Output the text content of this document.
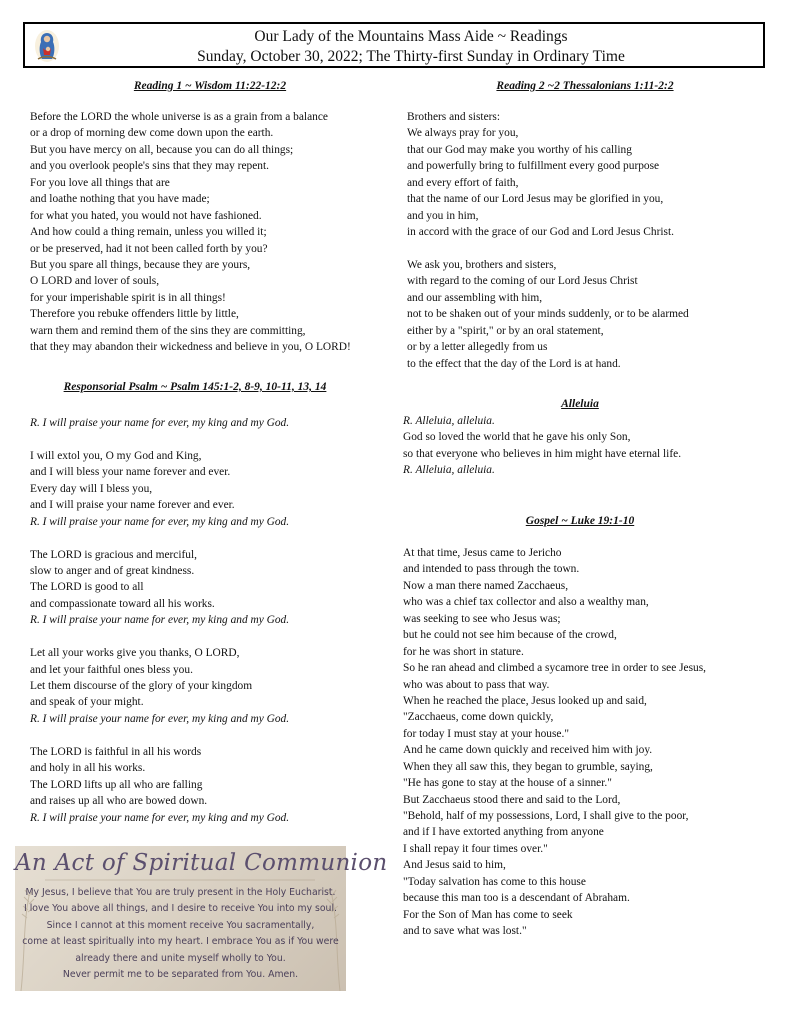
Our Lady of the Mountains Mass Aide ~ Readings
Sunday, October 30, 2022; The Thirty-first Sunday in Ordinary Time
Reading 1 ~ Wisdom 11:22-12:2
Before the LORD the whole universe is as a grain from a balance
or a drop of morning dew come down upon the earth.
But you have mercy on all, because you can do all things;
and you overlook people's sins that they may repent.
For you love all things that are
and loathe nothing that you have made;
for what you hated, you would not have fashioned.
And how could a thing remain, unless you willed it;
or be preserved, had it not been called forth by you?
But you spare all things, because they are yours,
O LORD and lover of souls,
for your imperishable spirit is in all things!
Therefore you rebuke offenders little by little,
warn them and remind them of the sins they are committing,
that they may abandon their wickedness and believe in you, O LORD!
Responsorial Psalm ~ Psalm 145:1-2, 8-9, 10-11, 13, 14
R. I will praise your name for ever, my king and my God.
I will extol you, O my God and King,
and I will bless your name forever and ever.
Every day will I bless you,
and I will praise your name forever and ever.
R. I will praise your name for ever, my king and my God.
The LORD is gracious and merciful,
slow to anger and of great kindness.
The LORD is good to all
and compassionate toward all his works.
R. I will praise your name for ever, my king and my God.
Let all your works give you thanks, O LORD,
and let your faithful ones bless you.
Let them discourse of the glory of your kingdom
and speak of your might.
R. I will praise your name for ever, my king and my God.
The LORD is faithful in all his words
and holy in all his works.
The LORD lifts up all who are falling
and raises up all who are bowed down.
R. I will praise your name for ever, my king and my God.
An Act of Spiritual Communion
My Jesus, I believe that You are truly present in the Holy Eucharist.
I love You above all things, and I desire to receive You into my soul.
Since I cannot at this moment receive You sacramentally,
come at least spiritually into my heart. I embrace You as if You were
already there and unite myself wholly to You.
Never permit me to be separated from You. Amen.
Reading 2 ~2 Thessalonians 1:11-2:2
Brothers and sisters:
We always pray for you,
that our God may make you worthy of his calling
and powerfully bring to fulfillment every good purpose
and every effort of faith,
that the name of our Lord Jesus may be glorified in you,
and you in him,
in accord with the grace of our God and Lord Jesus Christ.
We ask you, brothers and sisters,
with regard to the coming of our Lord Jesus Christ
and our assembling with him,
not to be shaken out of your minds suddenly, or to be alarmed
either by a "spirit," or by an oral statement,
or by a letter allegedly from us
to the effect that the day of the Lord is at hand.
Alleluia
R. Alleluia, alleluia.
God so loved the world that he gave his only Son,
so that everyone who believes in him might have eternal life.
R. Alleluia, alleluia.
Gospel ~ Luke 19:1-10
At that time, Jesus came to Jericho
and intended to pass through the town.
Now a man there named Zacchaeus,
who was a chief tax collector and also a wealthy man,
was seeking to see who Jesus was;
but he could not see him because of the crowd,
for he was short in stature.
So he ran ahead and climbed a sycamore tree in order to see Jesus,
who was about to pass that way.
When he reached the place, Jesus looked up and said,
"Zacchaeus, come down quickly,
for today I must stay at your house."
And he came down quickly and received him with joy.
When they all saw this, they began to grumble, saying,
"He has gone to stay at the house of a sinner."
But Zacchaeus stood there and said to the Lord,
"Behold, half of my possessions, Lord, I shall give to the poor,
and if I have extorted anything from anyone
I shall repay it four times over."
And Jesus said to him,
"Today salvation has come to this house
because this man too is a descendant of Abraham.
For the Son of Man has come to seek
and to save what was lost."
